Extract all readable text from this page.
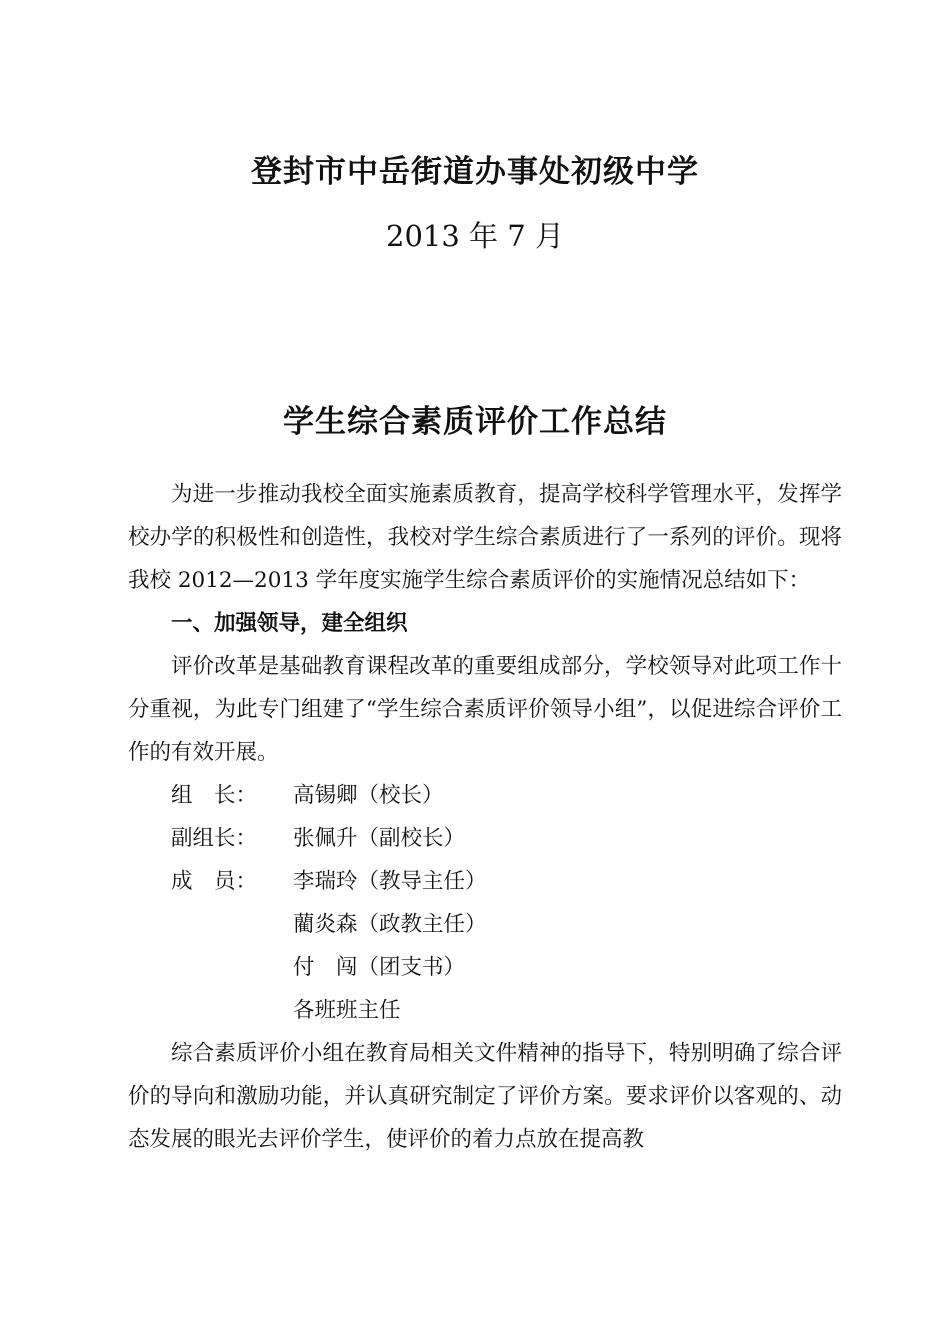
登封市中岳街道办事处初级中学
2013 年 7 月
学生综合素质评价工作总结

为进一步推动我校全面实施素质教育，提高学校科学管理水平，发挥学校办学的积极性和创造性，我校对学生综合素质进行了一系列的评价。现将我校 2012—2013 学年度实施学生综合素质评价的实施情况总结如下：

一、加强领导，建全组织

评价改革是基础教育课程改革的重要组成部分，学校领导对此项工作十分重视，为此专门组建了“学生综合素质评价领导小组”，以促进综合评价工作的有效开展。

组　长：	高锡卿（校长）
副组长：	张佩升（副校长）
成　员：	李瑞玲（教导主任）
藺炎森（政教主任）
付　闯（团支书）
各班班主任

综合素质评价小组在教育局相关文件精神的指导下，特别明确了综合评价的导向和激励功能，并认真研究制定了评价方案。要求评价以客观的、动态发展的眼光去评价学生，使评价的着力点放在提高教
